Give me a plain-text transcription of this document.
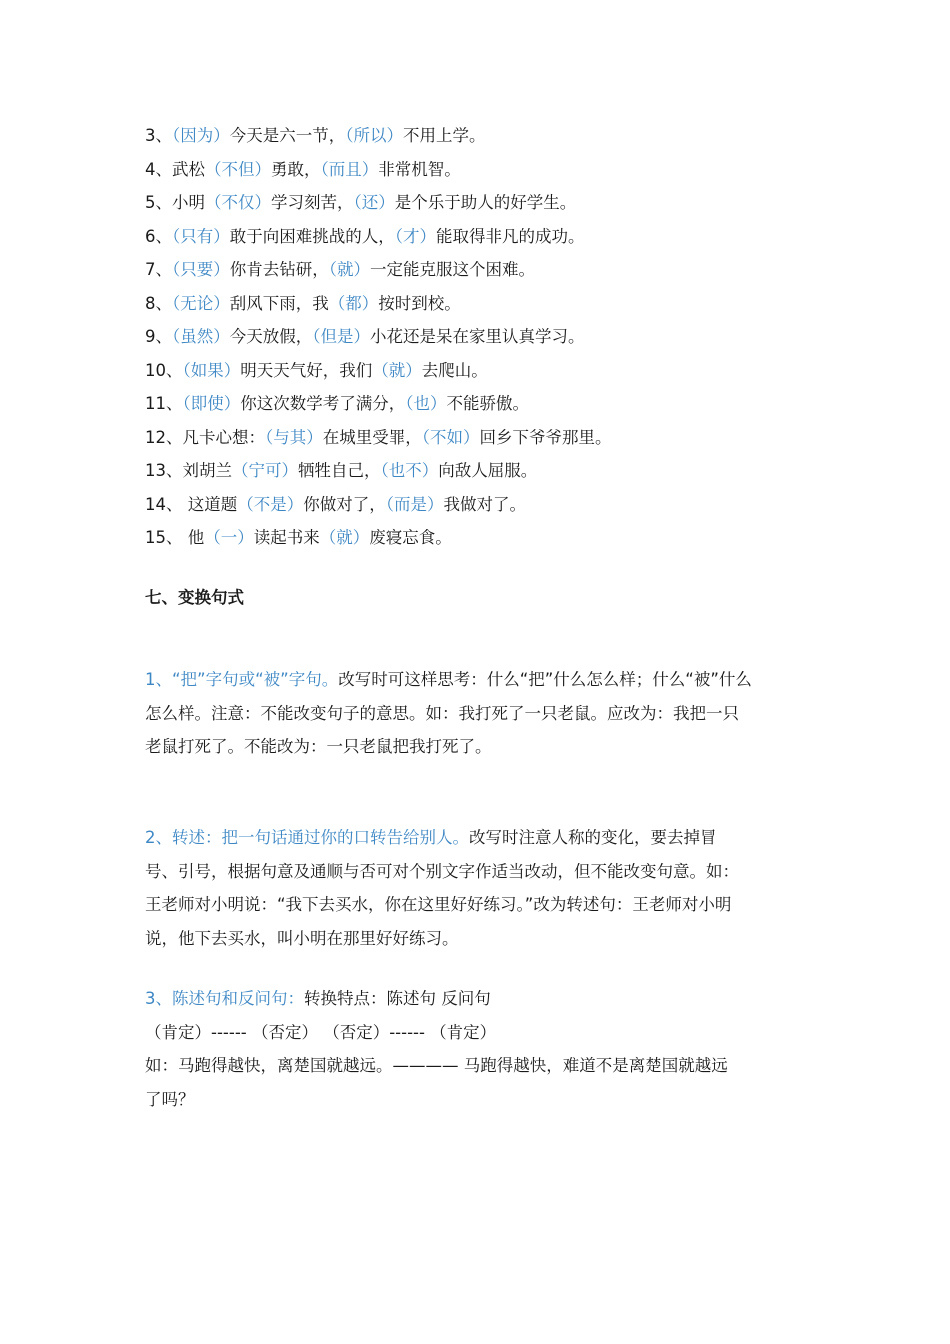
3、（因为）今天是六一节，（所以）不用上学。
4、武松（不但）勇敢，（而且）非常机智。
5、小明（不仅）学习刻苦，（还）是个乐于助人的好学生。
6、（只有）敢于向困难挑战的人，（才）能取得非凡的成功。
7、（只要）你肯去钻研，（就）一定能克服这个困难。
8、（无论）刮风下雨，我（都）按时到校。
9、（虽然）今天放假，（但是）小花还是呆在家里认真学习。
10、（如果）明天天气好，我们（就）去爬山。
11、（即使）你这次数学考了满分，（也）不能骄傲。
12、凡卡心想：（与其）在城里受罪，（不如）回乡下爷爷那里。
13、刘胡兰（宁可）牺牲自己，（也不）向敌人屈服。
14、 这道题（不是）你做对了，（而是）我做对了。
15、 他（一）读起书来（就）废寝忘食。
七、变换句式
1、“把”字句或“被”字句。改写时可这样思考：什么“把”什么怎么样；什么“被”什么
怎么样。注意：不能改变句子的意思。如：我打死了一只老鼠。应改为：我把一只
老鼠打死了。不能改为：一只老鼠把我打死了。
2、转述：把一句话通过你的口转告给别人。改写时注意人称的变化，要去掉冒
号、引号，根据句意及通顺与否可对个别文字作适当改动，但不能改变句意。如：
王老师对小明说：“我下去买水，你在这里好好练习。”改为转述句：王老师对小明
说，他下去买水，叫小明在那里好好练习。
3、陈述句和反问句：转换特点：陈述句 反问句
（肯定）------ （否定） （否定）------ （肯定）
如：马跑得越快，离楚国就越远。———— 马跑得越快，难道不是离楚国就越远
了吗？
